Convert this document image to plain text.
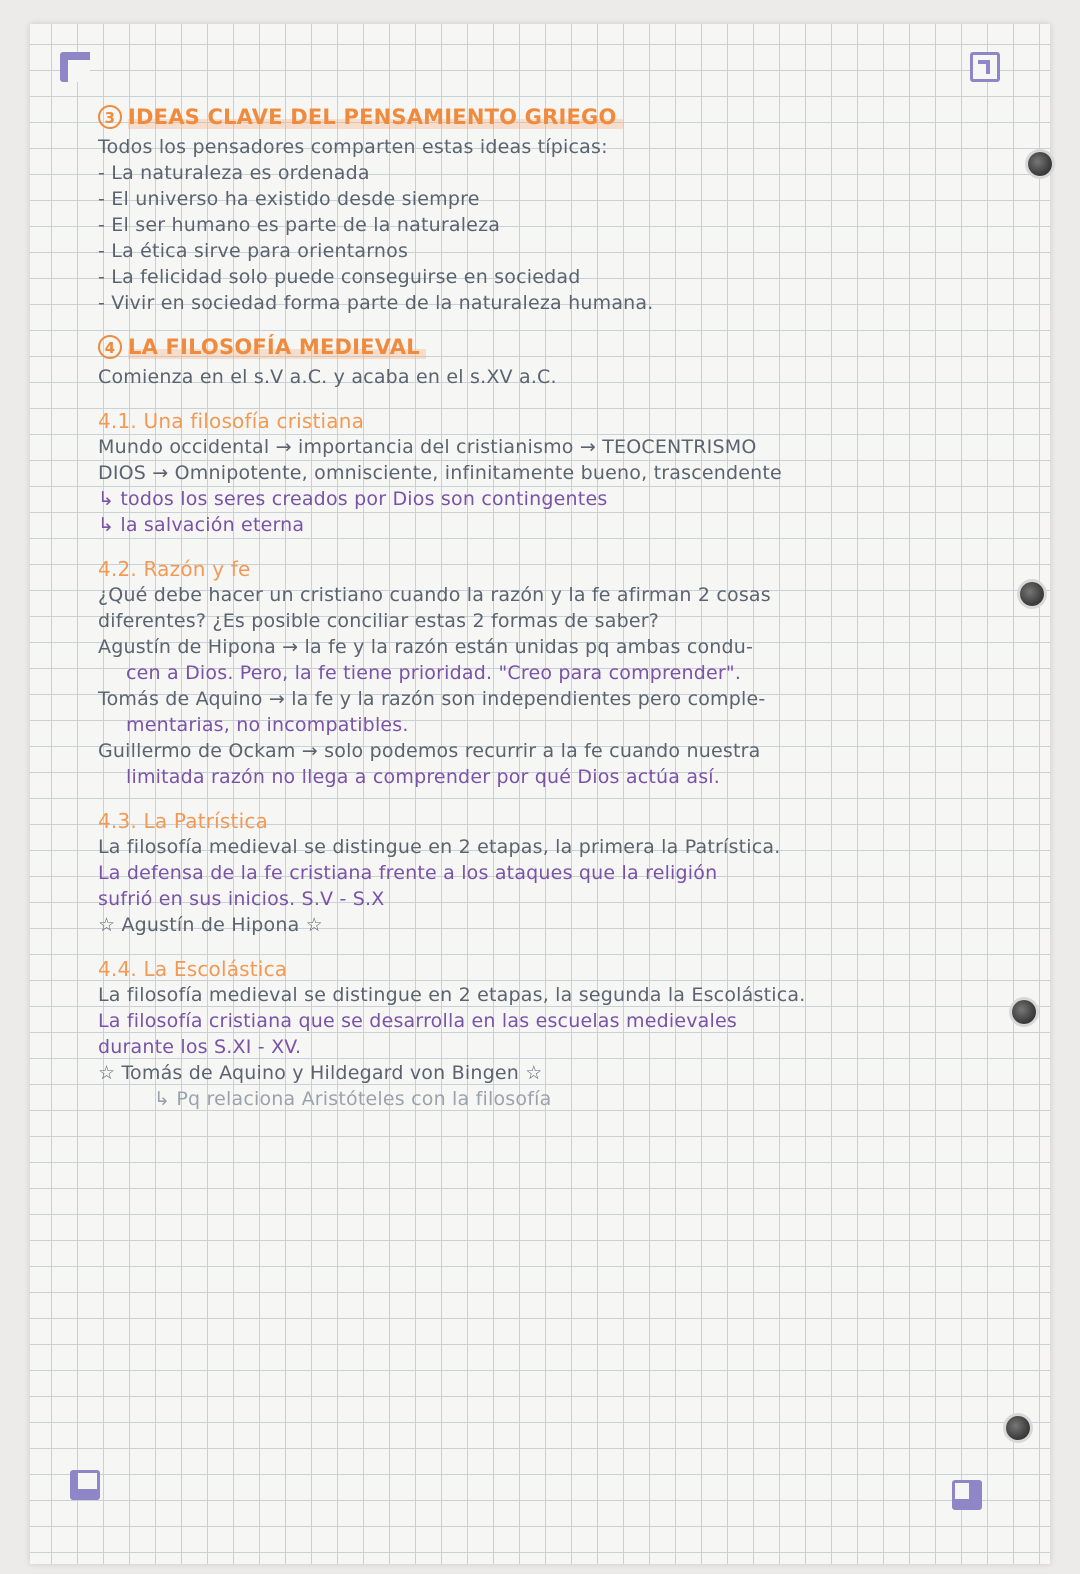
3 IDEAS CLAVE DEL PENSAMIENTO GRIEGO
Todos los pensadores comparten estas ideas típicas:
- La naturaleza es ordenada
- El universo ha existido desde siempre
- El ser humano es parte de la naturaleza
- La ética sirve para orientarnos
- La felicidad solo puede conseguirse en sociedad
- Vivir en sociedad forma parte de la naturaleza humana.
4 LA FILOSOFÍA MEDIEVAL
Comienza en el s.V a.C. y acaba en el s.XV a.C.
4.1. Una filosofía cristiana
Mundo occidental → importancia del cristianismo → TEOCENTRISMO
DIOS → Omnipotente, omnisciente, infinitamente bueno, trascendente
↳ todos los seres creados por Dios son contingentes
↳ la salvación eterna
4.2. Razón y fe
¿Qué debe hacer un cristiano cuando la razón y la fe afirman 2 cosas
diferentes? ¿Es posible conciliar estas 2 formas de saber?
Agustín de Hipona → la fe y la razón están unidas pq ambas condu-
cen a Dios. Pero, la fe tiene prioridad. "Creo para comprender".
Tomás de Aquino → la fe y la razón son independientes pero comple-
mentarias, no incompatibles.
Guillermo de Ockam → solo podemos recurrir a la fe cuando nuestra
limitada razón no llega a comprender por qué Dios actúa así.
4.3. La Patrística
La filosofía medieval se distingue en 2 etapas, la primera la Patrística.
La defensa de la fe cristiana frente a los ataques que la religión
sufrió en sus inicios. S.V - S.X
☆ Agustín de Hipona ☆
4.4. La Escolástica
La filosofía medieval se distingue en 2 etapas, la segunda la Escolástica.
La filosofía cristiana que se desarrolla en las escuelas medievales
durante los S.XI - XV.
☆ Tomás de Aquino y Hildegard von Bingen ☆
↳ Pq relaciona Aristóteles con la filosofía
